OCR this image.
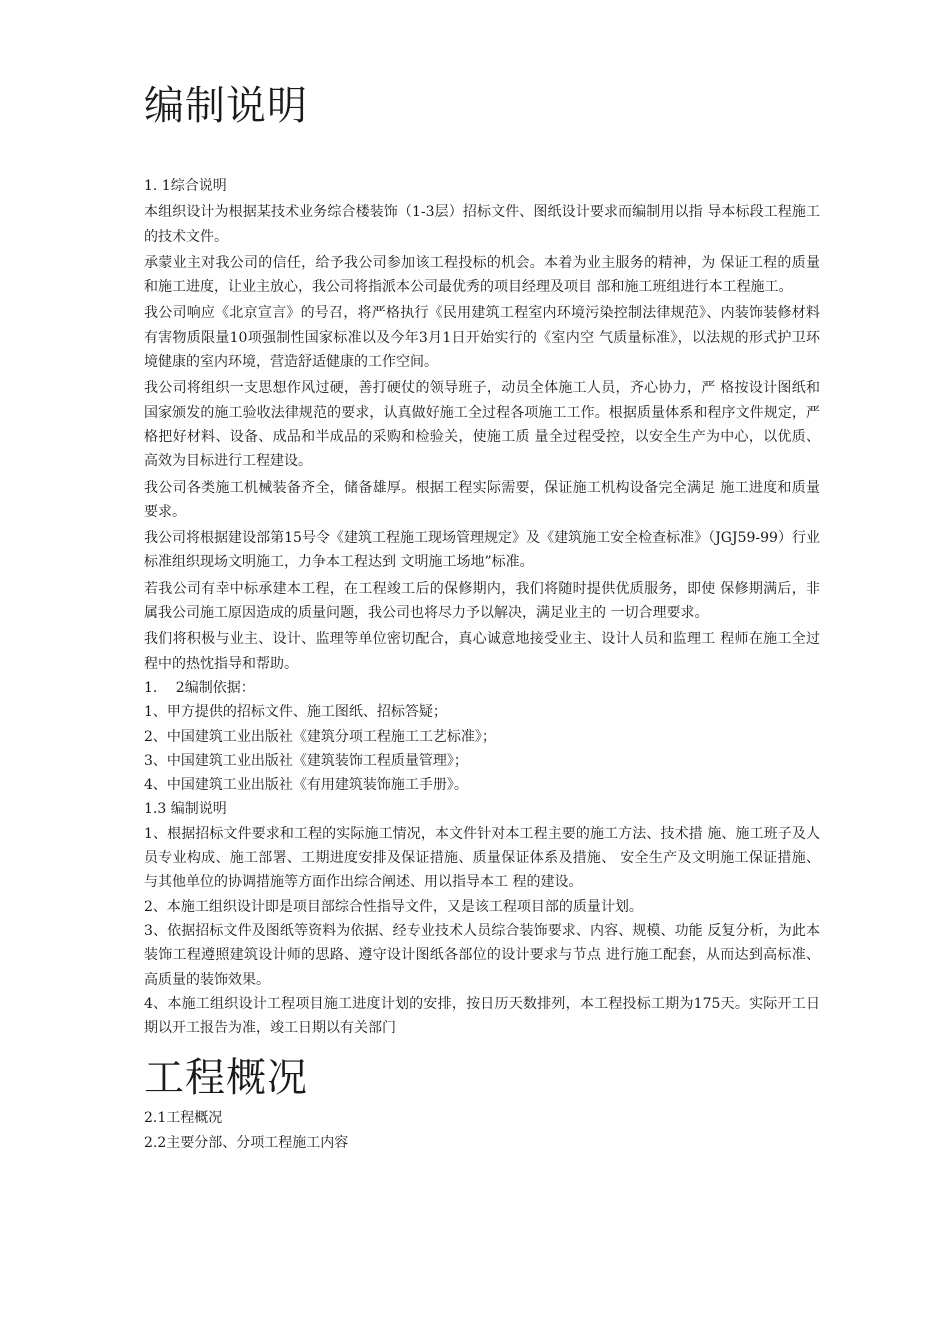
编制说明

1. 1综合说明

本组织设计为根据某技术业务综合楼装饰（1-3层）招标文件、图纸设计要求而编制用以指 导本标段工程施工的技术文件。

承蒙业主对我公司的信任，给予我公司参加该工程投标的机会。本着为业主服务的精神，为 保证工程的质量和施工进度，让业主放心，我公司将指派本公司最优秀的项目经理及项目 部和施工班组进行本工程施工。

我公司响应《北京宣言》的号召，将严格执行《民用建筑工程室内环境污染控制法律规范》、内装饰装修材料有害物质限量10项强制性国家标准以及今年3月1日开始实行的《室内空 气质量标准》，以法规的形式护卫环境健康的室内环境，营造舒适健康的工作空间。

我公司将组织一支思想作风过硬，善打硬仗的领导班子，动员全体施工人员，齐心协力，严 格按设计图纸和国家颁发的施工验收法律规范的要求，认真做好施工全过程各项施工工作。根据质量体系和程序文件规定，严格把好材料、设备、成品和半成品的采购和检验关，使施工质 量全过程受控，以安全生产为中心，以优质、高效为目标进行工程建设。

我公司各类施工机械装备齐全，储备雄厚。根据工程实际需要，保证施工机构设备完全满足 施工进度和质量要求。

我公司将根据建设部第15号令《建筑工程施工现场管理规定》及《建筑施工安全检查标准》（JGJ59-99）行业标准组织现场文明施工，力争本工程达到 文明施工场地”标准。

若我公司有幸中标承建本工程，在工程竣工后的保修期内，我们将随时提供优质服务，即使 保修期满后，非属我公司施工原因造成的质量问题，我公司也将尽力予以解决，满足业主的 一切合理要求。

我们将积极与业主、设计、监理等单位密切配合，真心诚意地接受业主、设计人员和监理工 程师在施工全过程中的热忱指导和帮助。

1.　 2编制依据：

1、甲方提供的招标文件、施工图纸、招标答疑；

2、中国建筑工业出版社《建筑分项工程施工工艺标准》；

3、中国建筑工业出版社《建筑装饰工程质量管理》；

4、中国建筑工业出版社《有用建筑装饰施工手册》。

1.3 编制说明

1、根据招标文件要求和工程的实际施工情况，本文件针对本工程主要的施工方法、技术措 施、施工班子及人员专业构成、施工部署、工期进度安排及保证措施、质量保证体系及措施、 安全生产及文明施工保证措施、与其他单位的协调措施等方面作出综合阐述、用以指导本工 程的建设。

2、本施工组织设计即是项目部综合性指导文件，又是该工程项目部的质量计划。

3、依据招标文件及图纸等资料为依据、经专业技术人员综合装饰要求、内容、规模、功能 反复分析，为此本装饰工程遵照建筑设计师的思路、遵守设计图纸各部位的设计要求与节点 进行施工配套，从而达到高标准、高质量的装饰效果。

4、本施工组织设计工程项目施工进度计划的安排，按日历天数排列，本工程投标工期为175天。实际开工日期以开工报告为准，竣工日期以有关部门

工程概况

2.1工程概况

2.2主要分部、分项工程施工内容
